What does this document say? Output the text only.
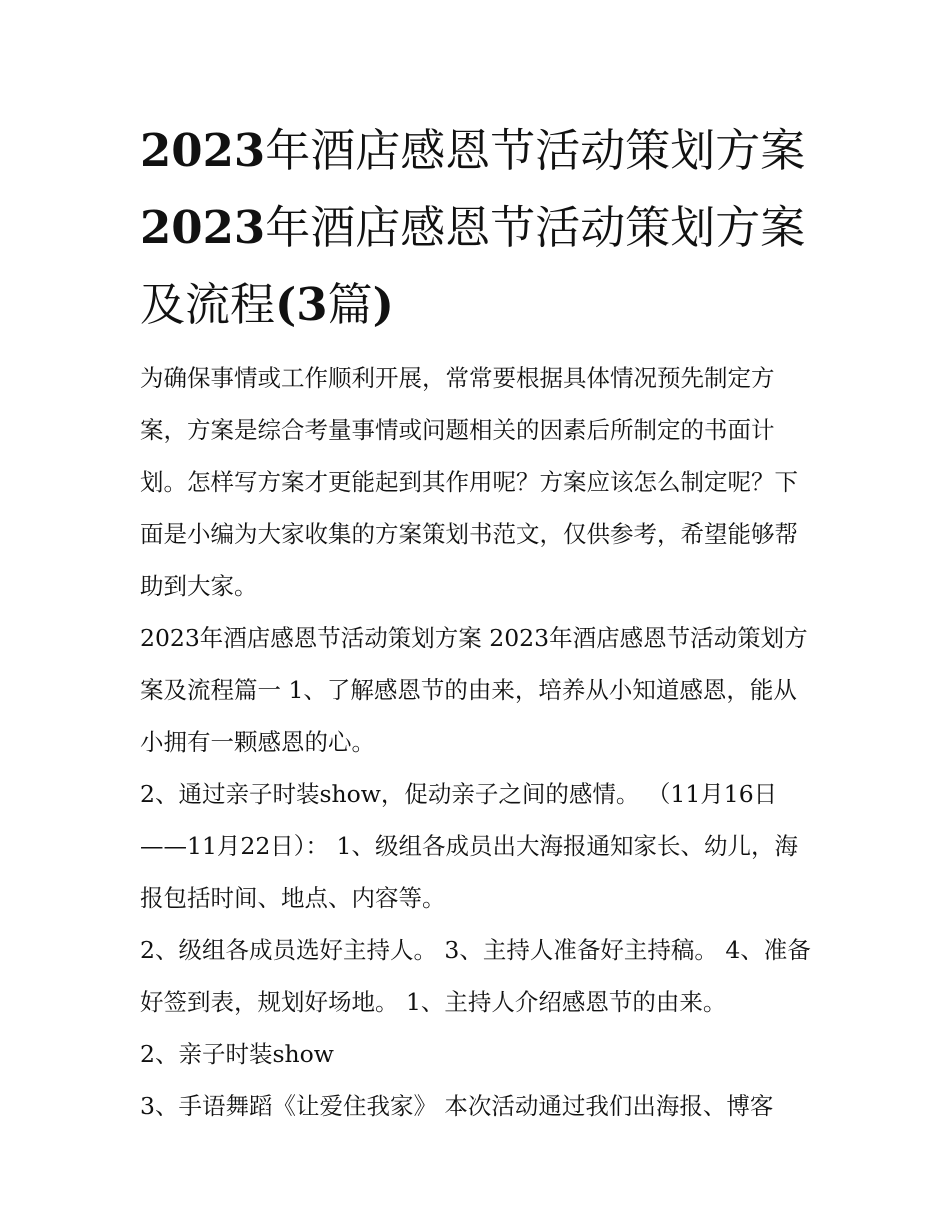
2023年酒店感恩节活动策划方案2023年酒店感恩节活动策划方案及流程(3篇)

为确保事情或工作顺利开展，常常要根据具体情况预先制定方案，方案是综合考量事情或问题相关的因素后所制定的书面计划。怎样写方案才更能起到其作用呢？方案应该怎么制定呢？下面是小编为大家收集的方案策划书范文，仅供参考，希望能够帮助到大家。

2023年酒店感恩节活动策划方案 2023年酒店感恩节活动策划方案及流程篇一 1、了解感恩节的由来，培养从小知道感恩，能从小拥有一颗感恩的心。

2、通过亲子时装show，促动亲子之间的感情。 （11月16日——11月22日）： 1、级组各成员出大海报通知家长、幼儿，海报包括时间、地点、内容等。

2、级组各成员选好主持人。 3、主持人准备好主持稿。 4、准备好签到表，规划好场地。 1、主持人介绍感恩节的由来。

2、亲子时装show

3、手语舞蹈《让爱住我家》 本次活动通过我们出海报、博客
